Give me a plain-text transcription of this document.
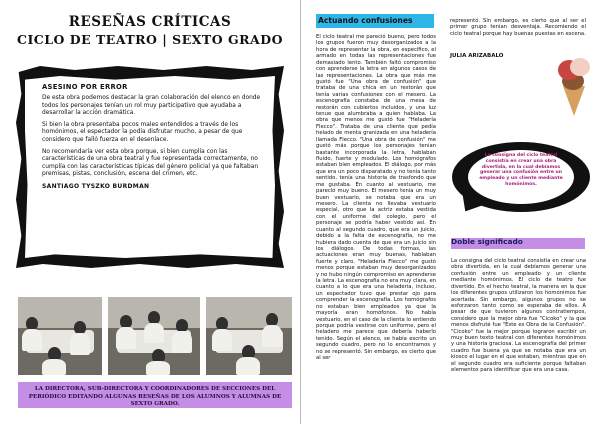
RESEÑAS CRÍTICAS
CICLO DE TEATRO | SEXTO GRADO
ASESINO POR ERROR

De esta obra podemos destacar la gran colaboración del elenco en donde todos los personajes tenían un rol muy participativo que ayudaba a desarrollar la acción dramática.

Si bien la obra presentaba pocos males entendidos a través de los homónimos, el espectador la podía disfrutar mucho, a pesar de que considero que falló fuerza en el desenlace.

No recomendaría ver esta obra porque, si bien cumplía con las características de una obra teatral y fue representada correctamente, no cumplía con las características típicas del género policial ya que faltaban premisas, pistas, conclusión, escena del crimen, etc.

SANTIAGO TYSZKO BURDMAN
LA DIRECTORA, SUB-DIRECTORA Y COORDINADORES DE SECCIONES DEL PERIÓDICO EDITANDO ALGUNAS RESEÑAS DE LOS ALUMNOS Y ALUMNAS DE SEXTO GRADO.
Actuando confusiones

El ciclo teatral me pareció bueno, pero todos los grupos fueron muy desorganizados a la hora de representar la obra, en específico, el armado en todas las representaciones fue demasiado lento. También faltó compromiso con aprenderse la letra en algunos casos de las representaciones. La obra que más me gustó fue "Una obra de confusión" que trataba de una chica en un restorán que tenía varias confusiones con el mesero. La escenografía constaba de una mesa de restorán con cubiertos incluidos, y una luz tenue que alumbraba a quien hablaba. La obra que menos me gustó fue "Heladería Flecco". Trataba de una cliente que pedía helado de menta granizada en una heladería llamada Flecco. "Una obra de confusión" me gustó más porque los personajes tenían bastante incorporada la letra, hablaban fluido, fuerte y modulado. Los homógrafos estaban bien empleados. El diálogo, por más que era un poco disparatado y no tenía tanto sentido, tenía una historia de trasfondo que me gustaba. En cuanto al vestuario, me pareció muy bueno. El mesero tenía un muy buen vestuario, se notaba que era un mesero. La clienta no llevaba vestuario especial, otro que la actriz estaba vestida con el uniforme del colegio, pero el personaje se podría haber vestido así. En cuanto al segundo cuadro, que era un juicio, debido a la falta de escenografía, no me hubiera dado cuenta de que era un juicio sin los diálogos. De todas formas, las actuaciones eran muy buenas, hablaban fuerte y claro. "Heladería Flecco" me gustó menos porque estaban muy desorganizados y no hubo ningún compromiso en aprenderse la letra. La escenografía no era muy clara, en cuanto a lo que era una heladería, incluso, un espectador tuvo que prestar ojo para comprender la escenografía. Los homógrafos no estaban bien empleados ya que la mayoría eran homófonos. No había vestuario, en el caso de la clienta lo entiendo porque podría vestirse con uniforme, pero el heladero me parece que debería haberlo tenido. Según el elenco, se había escrito un segundo cuadro, pero no lo encontramos y no se representó. Sin embargo, es cierto que al ser

representó. Sin embargo, es cierto que al ser el primer grupo tenían desventaja. Recomiendo el ciclo teatral porque hay buenas puestas en escena.

JULIA ARIZABALO
La consigna del ciclo teatral consistía en crear una obra divertida, en la cual debíamos generar una confusión entre un empleado y un cliente mediante homónimos.
Doble significado

La consigna del ciclo teatral consistía en crear una obra divertida, en la cual debíamos generar una confusión entre un empleado y un cliente mediante homónimos. El ciclo de teatro fue divertido. En el hecho teatral, la manera en la que los diferentes grupos utilizaron los homónimos fue acertada. Sin embargo, algunos grupos no se esforzaron tanto como se esperaba de ellos. A pesar de que tuvieron algunos contratiempos, considero que la mejor obra fue "Cicoko" y la que menos disfruté fue "Este es Obra de la Confusión". "Cicoko" fue la mejor porque lograron escribir un muy buen texto teatral con diferentes homónimos y una historia graciosa. La escenografía del primer cuadro fue buena ya que se notaba que era un kiosco el lugar en el que estaban, mientras que en el segundo cuadro era suficiente porque faltaban elementos para identificar que era una casa.
